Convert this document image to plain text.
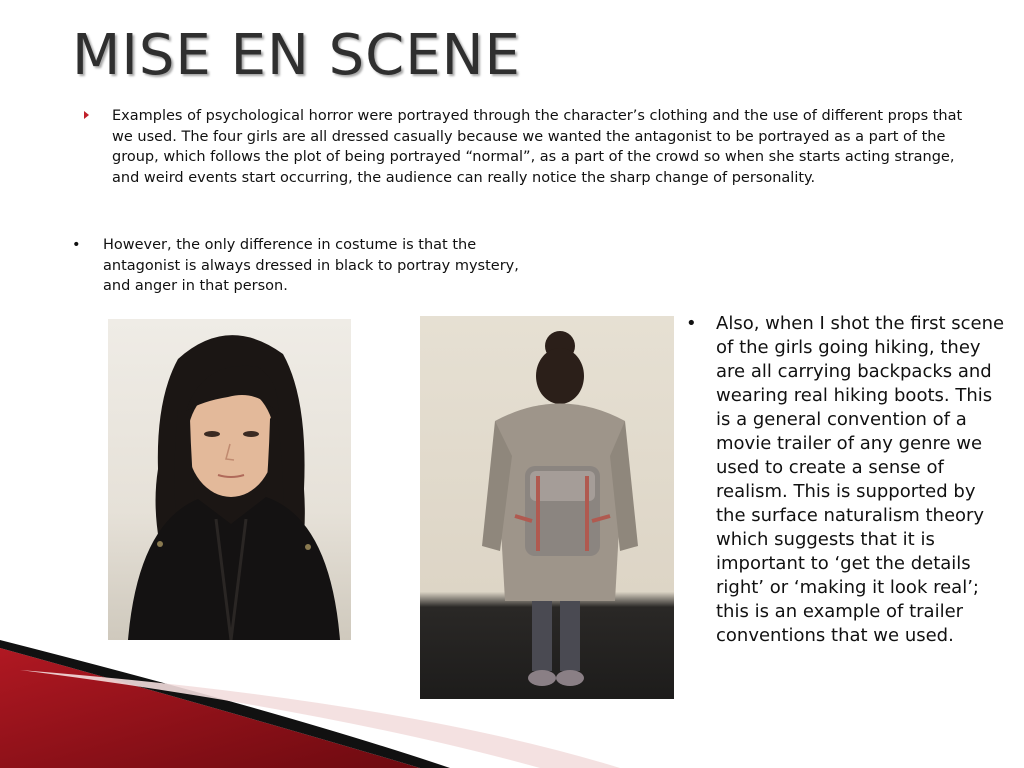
MISE EN SCENE
Examples of psychological horror were portrayed through the character’s clothing and the use of different props that we used. The four girls are all dressed casually because we wanted the antagonist to be portrayed as a part of the group, which follows the plot of being portrayed “normal”, as a part of the crowd so when she starts acting strange, and weird events start occurring, the audience can really notice the sharp change of personality.
• However, the only difference in costume is that the antagonist is always dressed in black to portray mystery, and anger in that person.
• Also, when I shot the first scene of the girls going hiking, they are all carrying backpacks and wearing real hiking boots. This is a general convention of a movie trailer of any genre we used to create a sense of realism. This is supported by the surface naturalism theory which suggests that it is important to ‘get the details right’ or ‘making it look real’; this is an example of trailer conventions that we used.
